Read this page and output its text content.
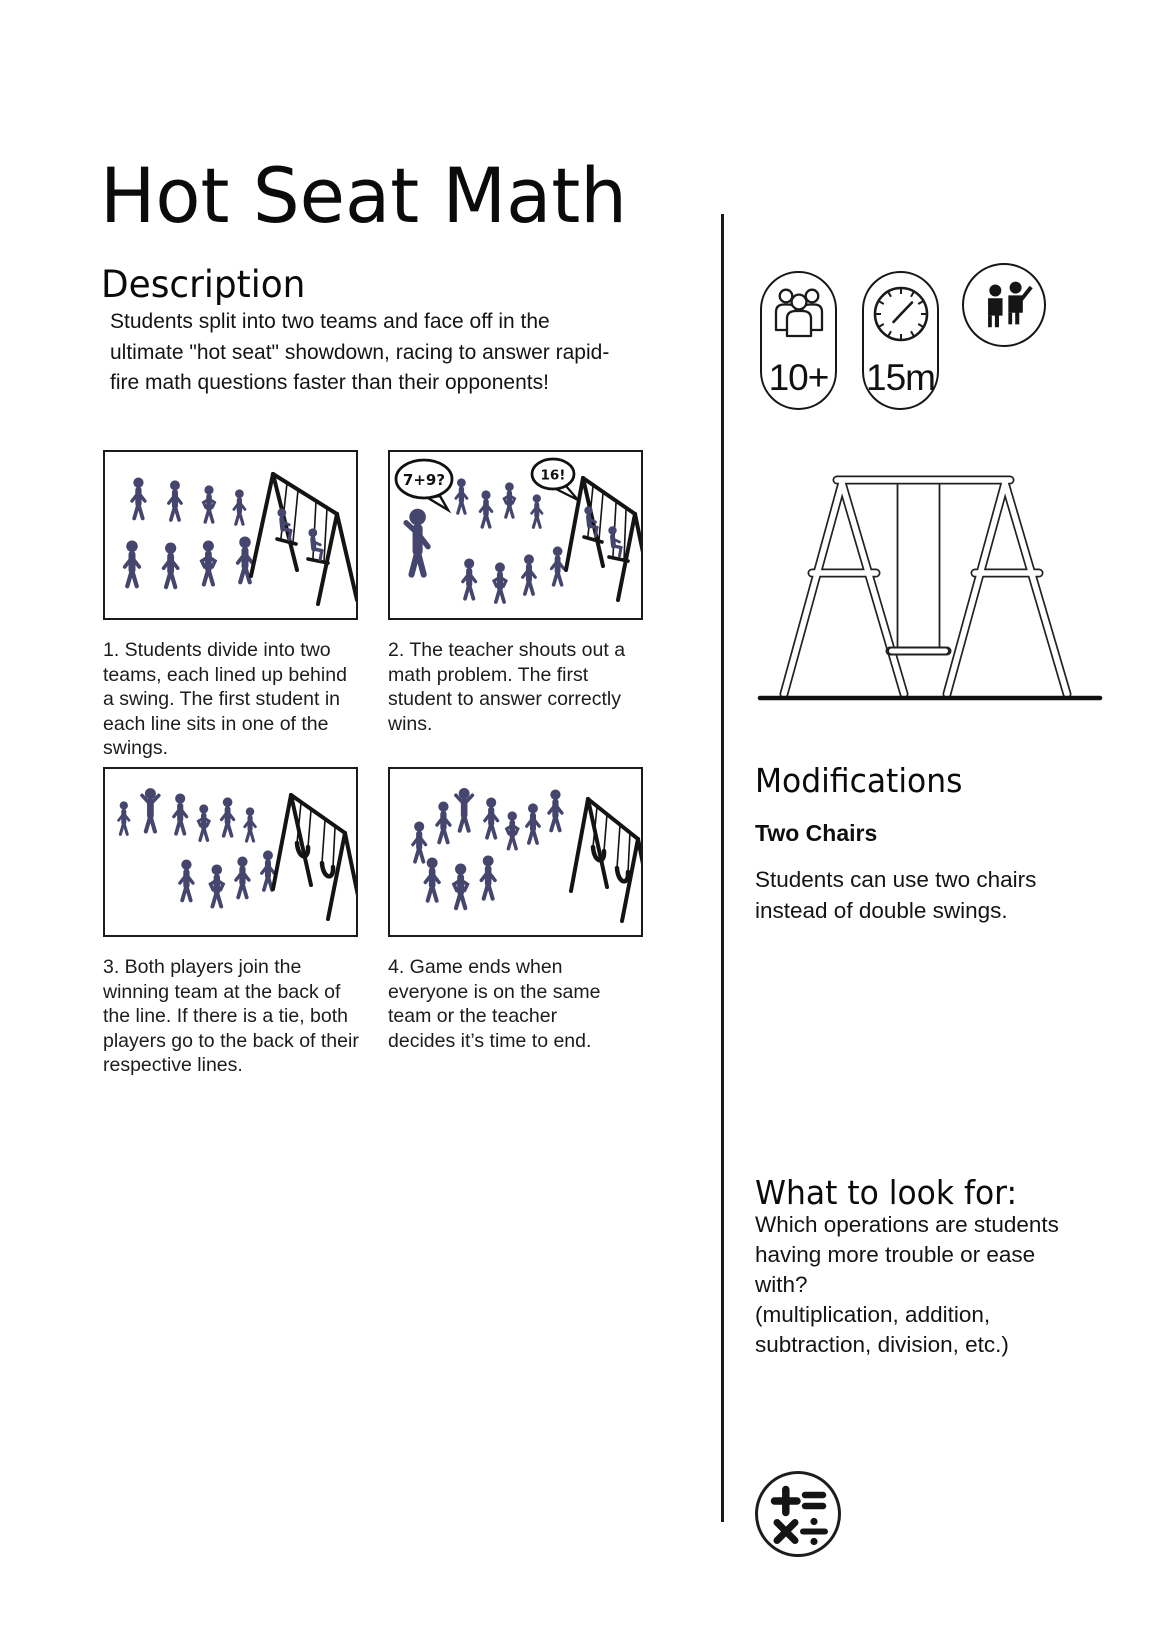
Hot Seat Math
Description

Students split into two teams and face off in the ultimate "hot seat" showdown, racing to answer rapid-fire math questions faster than their opponents!

7+9?	16!

1. Students divide into two teams, each lined up behind a swing. The first student in each line sits in one of the swings.

2. The teacher shouts out a math problem. The first student to answer correctly wins.

3. Both players join the winning team at the back of the line. If there is a tie, both players go to the back of their respective lines.

4. Game ends when everyone is on the same team or the teacher decides it’s time to end.

10+ 15m
Modifications

Two Chairs

Students can use two chairs instead of double swings.

What to look for:

Which operations are students having more trouble or ease with?

(multiplication, addition, subtraction, division, etc.)
